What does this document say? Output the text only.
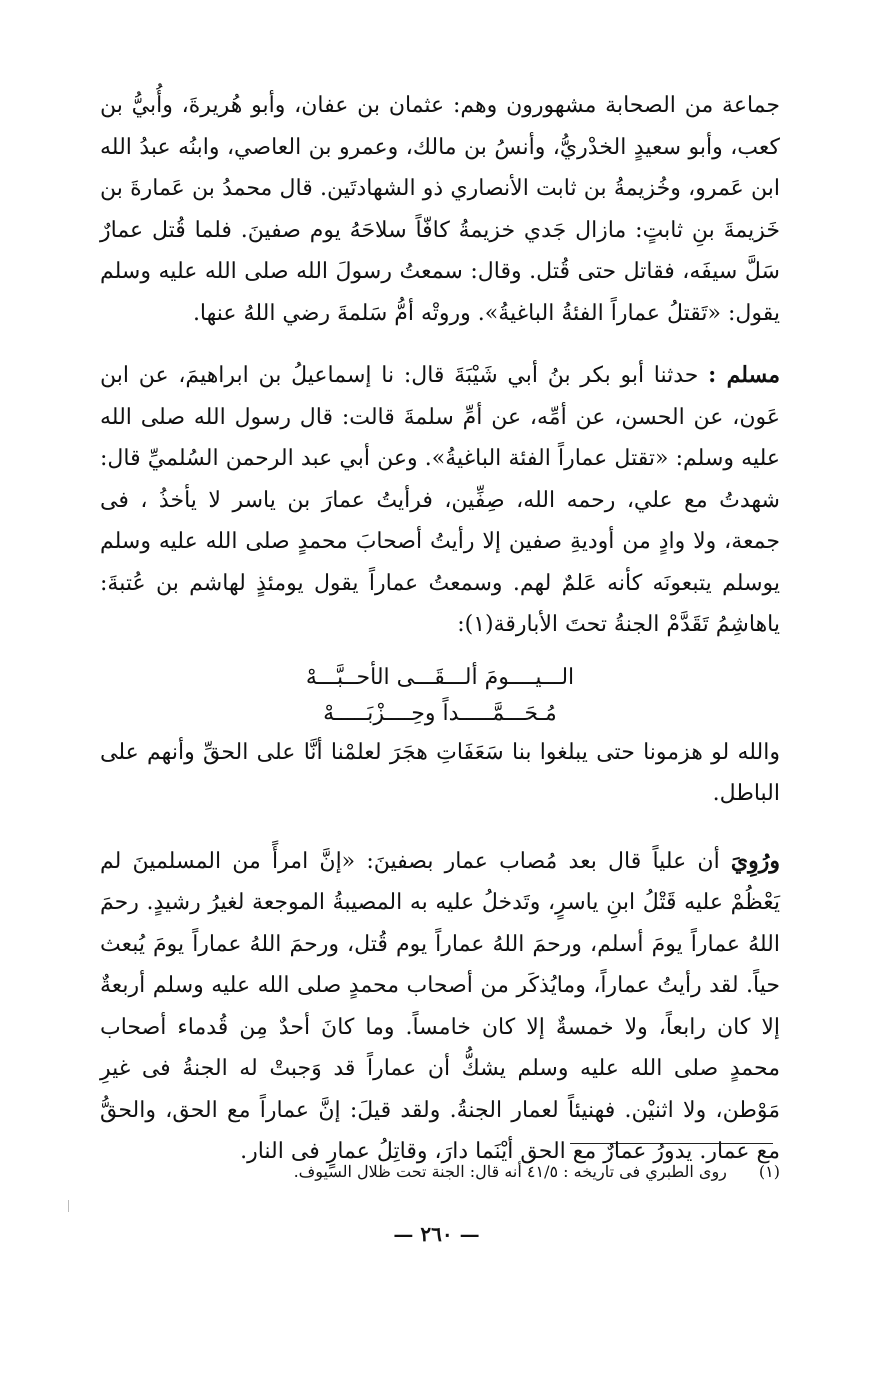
جماعة من الصحابة مشهورون وهم: عثمان بن عفان، وأبو هُريرةَ، وأُبيُّ بن كعب، وأبو سعيدٍ الخدْريُّ، وأنسُ بن مالك، وعمرو بن العاصي، وابنُه عبدُ الله ابن عَمرو، وخُزيمةُ بن ثابت الأنصاري ذو الشهادتَين. قال محمدُ بن عَمارةَ بن خَزيمةَ بنِ ثابتٍ: مازال جَدي خزيمةُ كافّاً سلاحَهُ يوم صفينَ. فلما قُتل عمارٌ سَلَّ سيفَه، فقاتل حتى قُتل. وقال: سمعتُ رسولَ الله صلى الله عليه وسلم يقول: «تَقتلُ عماراً الفئةُ الباغيةُ». وروتْه أمُّ سَلمةَ رضي اللهُ عنها.

مسلم : حدثنا أبو بكر بنُ أبي شَيْبَةَ قال: نا إسماعيلُ بن ابراهيمَ، عن ابن عَون، عن الحسن، عن أمِّه، عن أمِّ سلمةَ قالت: قال رسول الله صلى الله عليه وسلم: «تقتل عماراً الفئة الباغيةُ». وعن أبي عبد الرحمن السُلميِّ قال: شهدتُ مع علي، رحمه الله، صِفِّين، فرأيتُ عمارَ بن ياسر لا يأخذُ ، فى جمعة، ولا وادٍ من أوديةِ صفين إلا رأيتُ أصحابَ محمدٍ صلى الله عليه وسلم يوسلم يتبعونَه كأنه عَلمٌ لهم. وسمعتُ عماراً يقول يومئذٍ لهاشم بن عُتبةَ: ياهاشِمُ تَقَدَّمْ الجنةُ تحتَ الأبارقة(١):

الـــيــــومَ ألـــقَـــى الأحــبَّـــهْ
مُـحَـــمَّـــــداً وحِــــزْبَـــــهْ

والله لو هزمونا حتى يبلغوا بنا سَعَفَاتِ هجَرَ لعلمْنا أنَّا على الحقِّ وأنهم على الباطل.

ورُوِيَ أن علياً قال بعد مُصاب عمار بصفينَ: «إنَّ امرأً من المسلمينَ لم يَعْظُمْ عليه قَتْلُ ابنِ ياسرٍ، وتَدخلُ عليه به المصيبةُ الموجعة لغيرُ رشيدٍ. رحمَ اللهُ عماراً يومَ أسلم، ورحمَ اللهُ عماراً يوم قُتل، ورحمَ اللهُ عماراً يومَ يُبعث حياً. لقد رأيتُ عماراً، ومايُذكَر من أصحاب محمدٍ صلى الله عليه وسلم أربعةٌ إلا كان رابعاً، ولا خمسةٌ إلا كان خامساً. وما كانَ أحدٌ مِن قُدماء أصحاب محمدٍ صلى الله عليه وسلم يشكُّ أن عماراً قد وَجبتْ له الجنةُ فى غيرِ مَوْطن، ولا اثنيْن. فهنيئاً لعمار الجنةُ. ولقد قيلَ: إنَّ عماراً مع الحق، والحقُّ مع عمار. يدورُ عمارٌ مع الحق أيْنَما دارَ، وقاتِلُ عمارٍ فى النار.

(١) روى الطبري فى تاريخه : ٤١/٥ أنه قال: الجنة تحت ظلال السيوف.
— ٢٦٠ —
